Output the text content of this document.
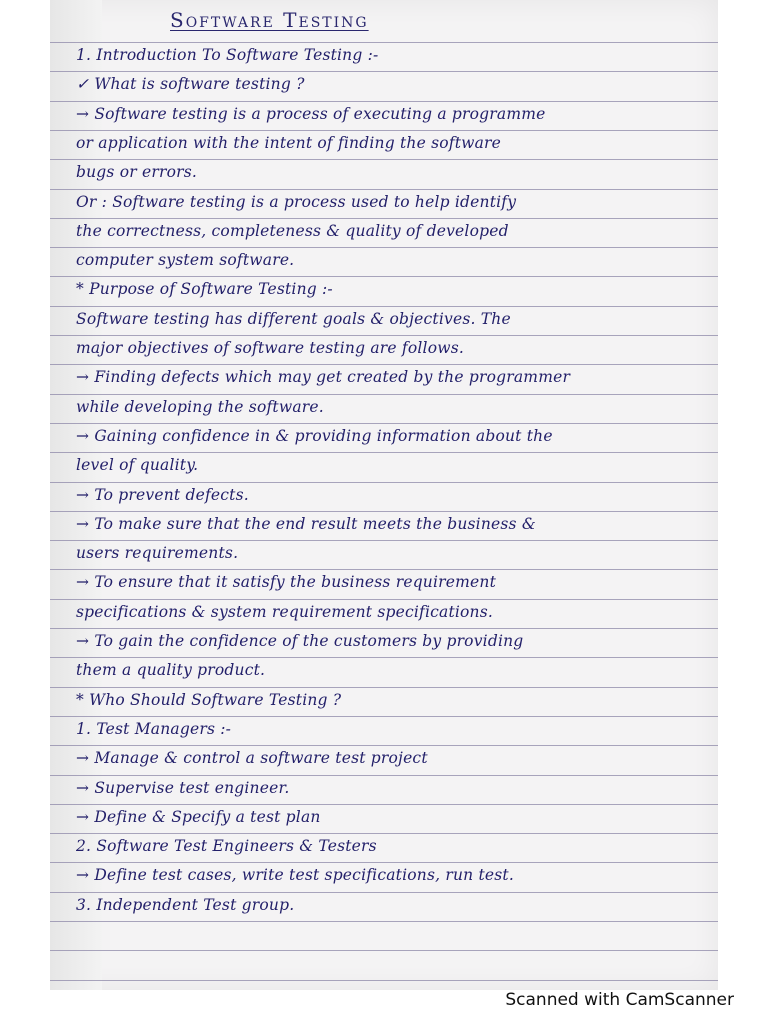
Software Testing
1. Introduction To Software Testing :-
✓ What is software testing ?
→ Software testing is a process of executing a programme
or application with the intent of finding the software
bugs or errors.
Or : Software testing is a process used to help identify
the correctness, completeness & quality of developed
computer system software.
* Purpose of Software Testing :-
Software testing has different goals & objectives. The
major objectives of software testing are follows.
→ Finding defects which may get created by the programmer
while developing the software.
→ Gaining confidence in & providing information about the
level of quality.
→ To prevent defects.
→ To make sure that the end result meets the business &
users requirements.
→ To ensure that it satisfy the business requirement
specifications & system requirement specifications.
→ To gain the confidence of the customers by providing
them a quality product.
* Who Should Software Testing ?
1. Test Managers :-
→ Manage & control a software test project
→ Supervise test engineer.
→ Define & Specify a test plan
2. Software Test Engineers & Testers
→ Define test cases, write test specifications, run test.
3. Independent Test group.
Scanned with CamScanner
